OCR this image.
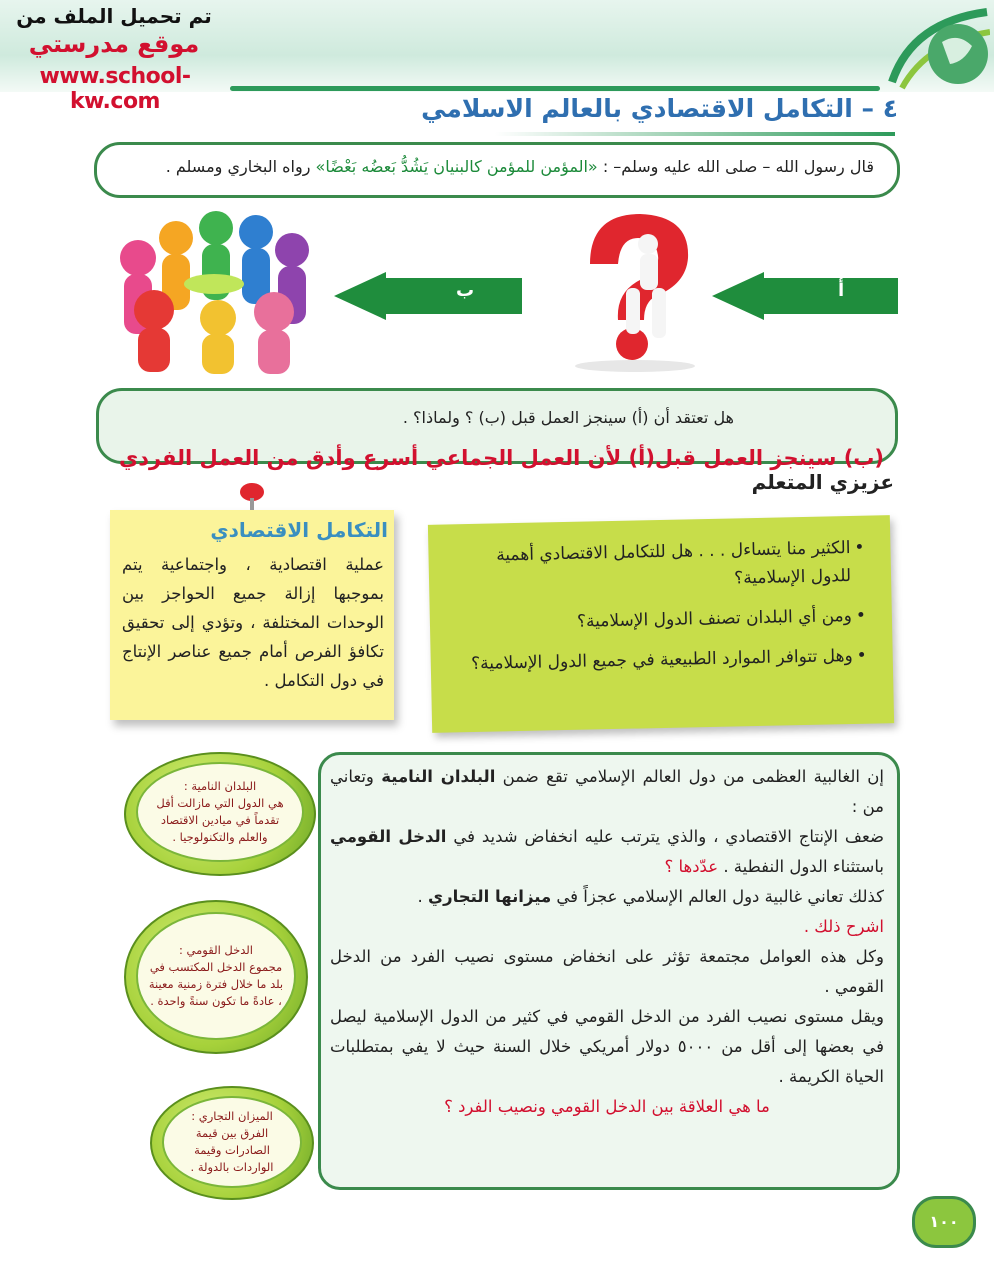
تم تحميل الملف من
موقع مدرستي
www.school-kw.com	٤ – التكامل الاقتصادي بالعالم الاسلامي
قال رسول الله – صلى الله عليه وسلم– : «المؤمن للمؤمن كالبنيان يَشُدُّ بَعضُه بَعْضًا» رواه البخاري ومسلم .
ب	أ
هل تعتقد أن (أ) سينجز العمل قبل (ب) ؟ ولماذا؟ .
(ب) سينجز العمل قبل(أ) لأن العمل الجماعي أسرع وأدق من العمل الفردي
عزيزي المتعلم
التكامل الاقتصادي
عملية اقتصادية ، واجتماعية يتم بموجبها إزالة جميع الحواجز بين الوحدات المختلفة ، وتؤدي إلى تحقيق تكافؤ الفرص أمام جميع عناصر الإنتاج في دول التكامل .
• الكثير منا يتساءل . . . هل للتكامل الاقتصادي أهمية للدول الإسلامية؟
• ومن أي البلدان تصنف الدول الإسلامية؟
• وهل تتوافر الموارد الطبيعية في جميع الدول الإسلامية؟
البلدان النامية :
هي الدول التي مازالت أقل تقدماً في ميادين الاقتصاد والعلم والتكنولوجيا .
الدخل القومي :
مجموع الدخل المكتسب في بلد ما خلال فترة زمنية معينة ، عادةً ما تكون سنةً واحدة .
الميزان التجاري :
الفرق بين قيمة الصادرات وقيمة الواردات بالدولة .

إن الغالبية العظمى من دول العالم الإسلامي تقع ضمن البلدان النامية وتعاني من :

ضعف الإنتاج الاقتصادي ، والذي يترتب عليه انخفاض شديد في الدخل القومي باستثناء الدول النفطية . عدّدها ؟

كذلك تعاني غالبية دول العالم الإسلامي عجزاً في ميزانها التجاري .

اشرح ذلك .

وكل هذه العوامل مجتمعة تؤثر على انخفاض مستوى نصيب الفرد من الدخل القومي .

ويقل مستوى نصيب الفرد من الدخل القومي في كثير من الدول الإسلامية ليصل في بعضها إلى أقل من ٥٠٠٠ دولار أمريكي خلال السنة حيث لا يفي بمتطلبات الحياة الكريمة .

ما هي العلاقة بين الدخل القومي ونصيب الفرد ؟

١٠٠
